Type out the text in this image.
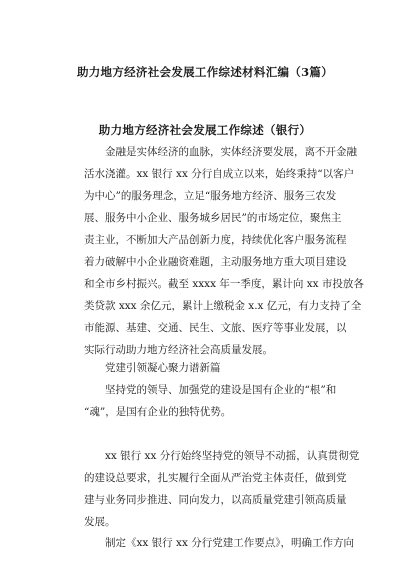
助力地方经济社会发展工作综述材料汇编（3篇）
助力地方经济社会发展工作综述（银行）
金融是实体经济的血脉，实体经济要发展，离不开金融
活水浇灌。xx 银行 xx 分行自成立以来，始终秉持“以客户
为中心”的服务理念，立足“服务地方经济、服务三农发
展、服务中小企业、服务城乡居民”的市场定位，聚焦主
责主业，不断加大产品创新力度，持续优化客户服务流程
着力破解中小企业融资难题，主动服务地方重大项目建设
和全市乡村振兴。截至 xxxx 年一季度，累计向 xx 市投放各
类贷款 xxx 余亿元，累计上缴税金 x.x 亿元，有力支持了全
市能源、基建、交通、民生、文旅、医疗等事业发展，以
实际行动助力地方经济社会高质量发展。
党建引领凝心聚力谱新篇
坚持党的领导、加强党的建设是国有企业的“根”和
“魂”，是国有企业的独特优势。
xx 银行 xx 分行始终坚持党的领导不动摇，认真贯彻党
的建设总要求，扎实履行全面从严治党主体责任，做到党
建与业务同步推进、同向发力，以高质量党建引领高质量
发展。
制定《xx 银行 xx 分行党建工作要点》，明确工作方向
